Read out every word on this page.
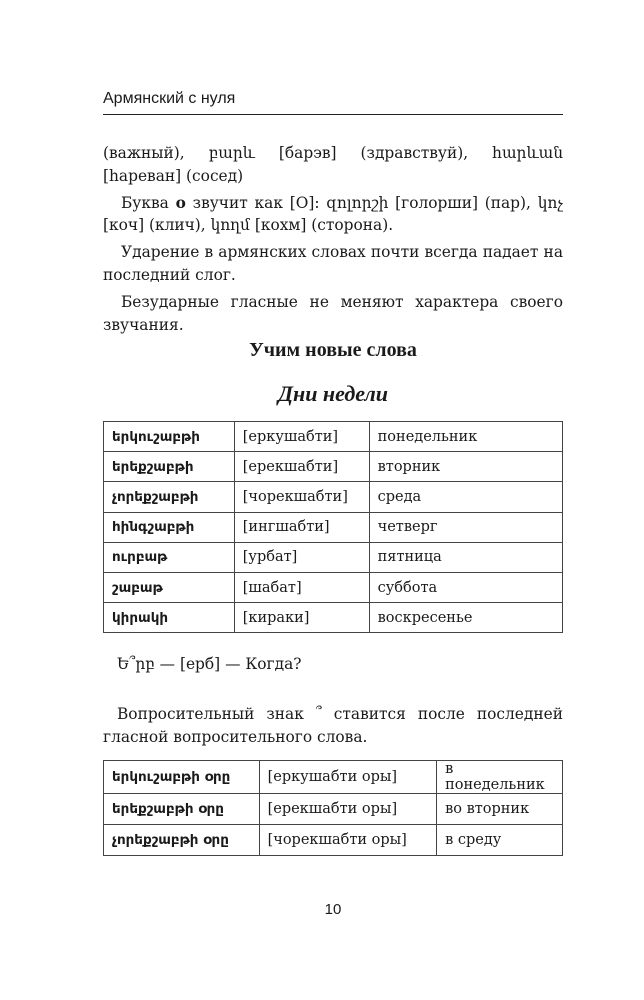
Армянский с нуля

(важный), բարև [барэв] (здравствуй), հարևան [hареван] (сосед)

Буква о звучит как [О]: զոլորշի [голорши] (пар), կոչ [коч] (клич), կողմ [кохм] (сторона).

Ударение в армянских словах почти всегда падает на последний слог.

Безударные гласные не меняют характера своего звучания.

Учим новые слова
Дни недели
երկուշաբթի	[еркушабти]	понедельник
երեքշաբթի	[ерекшабти]	вторник
չորեքշաբթի	[чорекшабти]	среда
հինգշաբթի	[ингшабти]	четверг
ուրբաթ	[урбат]	пятница
շաբաթ	[шабат]	суббота
կիրակի	[кираки]	воскресенье
Ե՞րբ — [ерб] — Когда?

Вопросительный знак ՞ ставится после последней гласной вопросительного слова.

երկուշաբթի օրը	[еркушабти оры]	в понедельник
երեքշաբթի օրը	[ерекшабти оры]	во вторник
չորեքշաբթի օրը	[чорекшабти оры]	в среду
10
